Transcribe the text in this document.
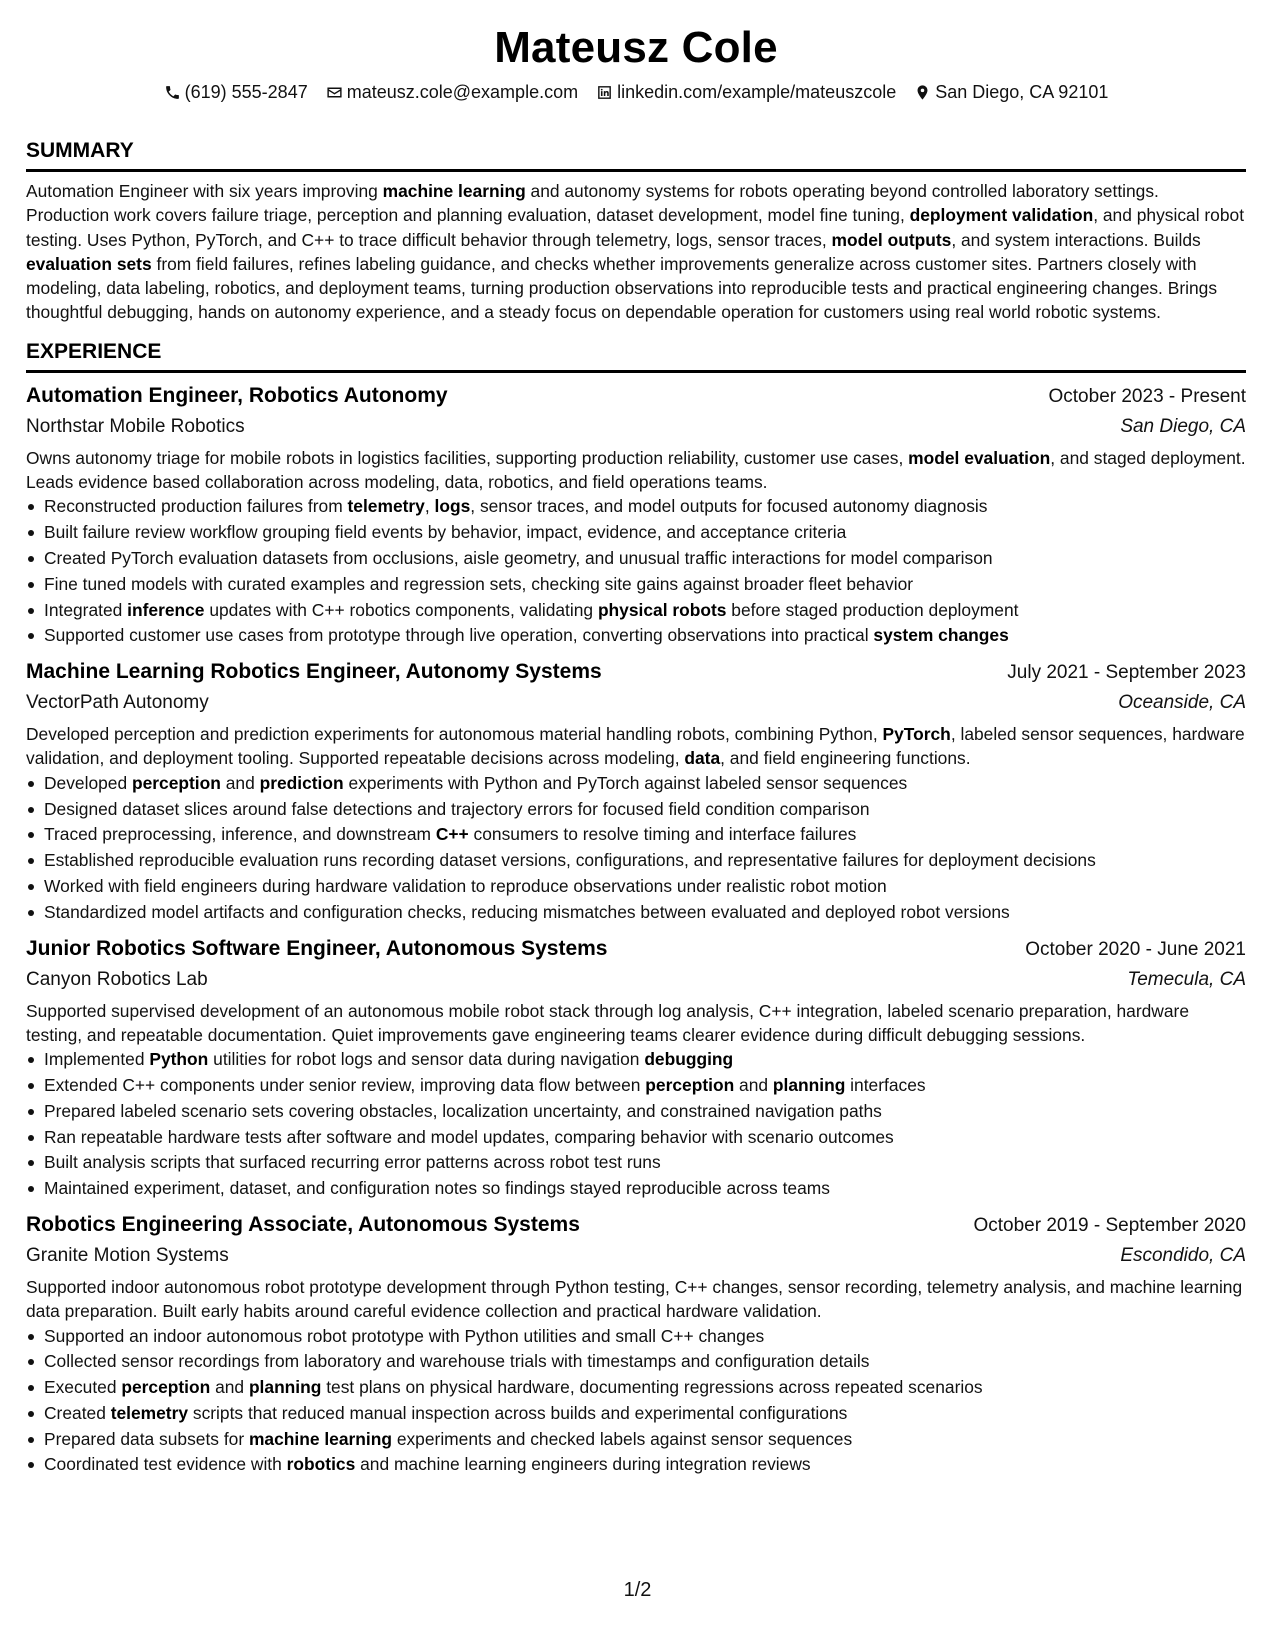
Mateusz Cole
(619) 555-2847 mateusz.cole@example.com linkedin.com/example/mateuszcole San Diego, CA 92101
SUMMARY

Automation Engineer with six years improving machine learning and autonomy systems for robots operating beyond controlled laboratory settings. Production work covers failure triage, perception and planning evaluation, dataset development, model fine tuning, deployment validation, and physical robot testing. Uses Python, PyTorch, and C++ to trace difficult behavior through telemetry, logs, sensor traces, model outputs, and system interactions. Builds evaluation sets from field failures, refines labeling guidance, and checks whether improvements generalize across customer sites. Partners closely with modeling, data labeling, robotics, and deployment teams, turning production observations into reproducible tests and practical engineering changes. Brings thoughtful debugging, hands on autonomy experience, and a steady focus on dependable operation for customers using real world robotic systems.

EXPERIENCE
Automation Engineer, Robotics Autonomy	October 2023 - Present
Northstar Mobile Robotics	San Diego, CA

Owns autonomy triage for mobile robots in logistics facilities, supporting production reliability, customer use cases, model evaluation, and staged deployment. Leads evidence based collaboration across modeling, data, robotics, and field operations teams.

Reconstructed production failures from telemetry, logs, sensor traces, and model outputs for focused autonomy diagnosis
Built failure review workflow grouping field events by behavior, impact, evidence, and acceptance criteria
Created PyTorch evaluation datasets from occlusions, aisle geometry, and unusual traffic interactions for model comparison
Fine tuned models with curated examples and regression sets, checking site gains against broader fleet behavior
Integrated inference updates with C++ robotics components, validating physical robots before staged production deployment
Supported customer use cases from prototype through live operation, converting observations into practical system changes
Machine Learning Robotics Engineer, Autonomy Systems	July 2021 - September 2023
VectorPath Autonomy	Oceanside, CA

Developed perception and prediction experiments for autonomous material handling robots, combining Python, PyTorch, labeled sensor sequences, hardware validation, and deployment tooling. Supported repeatable decisions across modeling, data, and field engineering functions.

Developed perception and prediction experiments with Python and PyTorch against labeled sensor sequences
Designed dataset slices around false detections and trajectory errors for focused field condition comparison
Traced preprocessing, inference, and downstream C++ consumers to resolve timing and interface failures
Established reproducible evaluation runs recording dataset versions, configurations, and representative failures for deployment decisions
Worked with field engineers during hardware validation to reproduce observations under realistic robot motion
Standardized model artifacts and configuration checks, reducing mismatches between evaluated and deployed robot versions
Junior Robotics Software Engineer, Autonomous Systems	October 2020 - June 2021
Canyon Robotics Lab	Temecula, CA

Supported supervised development of an autonomous mobile robot stack through log analysis, C++ integration, labeled scenario preparation, hardware testing, and repeatable documentation. Quiet improvements gave engineering teams clearer evidence during difficult debugging sessions.

Implemented Python utilities for robot logs and sensor data during navigation debugging
Extended C++ components under senior review, improving data flow between perception and planning interfaces
Prepared labeled scenario sets covering obstacles, localization uncertainty, and constrained navigation paths
Ran repeatable hardware tests after software and model updates, comparing behavior with scenario outcomes
Built analysis scripts that surfaced recurring error patterns across robot test runs
Maintained experiment, dataset, and configuration notes so findings stayed reproducible across teams
Robotics Engineering Associate, Autonomous Systems	October 2019 - September 2020
Granite Motion Systems	Escondido, CA

Supported indoor autonomous robot prototype development through Python testing, C++ changes, sensor recording, telemetry analysis, and machine learning data preparation. Built early habits around careful evidence collection and practical hardware validation.

Supported an indoor autonomous robot prototype with Python utilities and small C++ changes
Collected sensor recordings from laboratory and warehouse trials with timestamps and configuration details
Executed perception and planning test plans on physical hardware, documenting regressions across repeated scenarios
Created telemetry scripts that reduced manual inspection across builds and experimental configurations
Prepared data subsets for machine learning experiments and checked labels against sensor sequences
Coordinated test evidence with robotics and machine learning engineers during integration reviews
1/2
